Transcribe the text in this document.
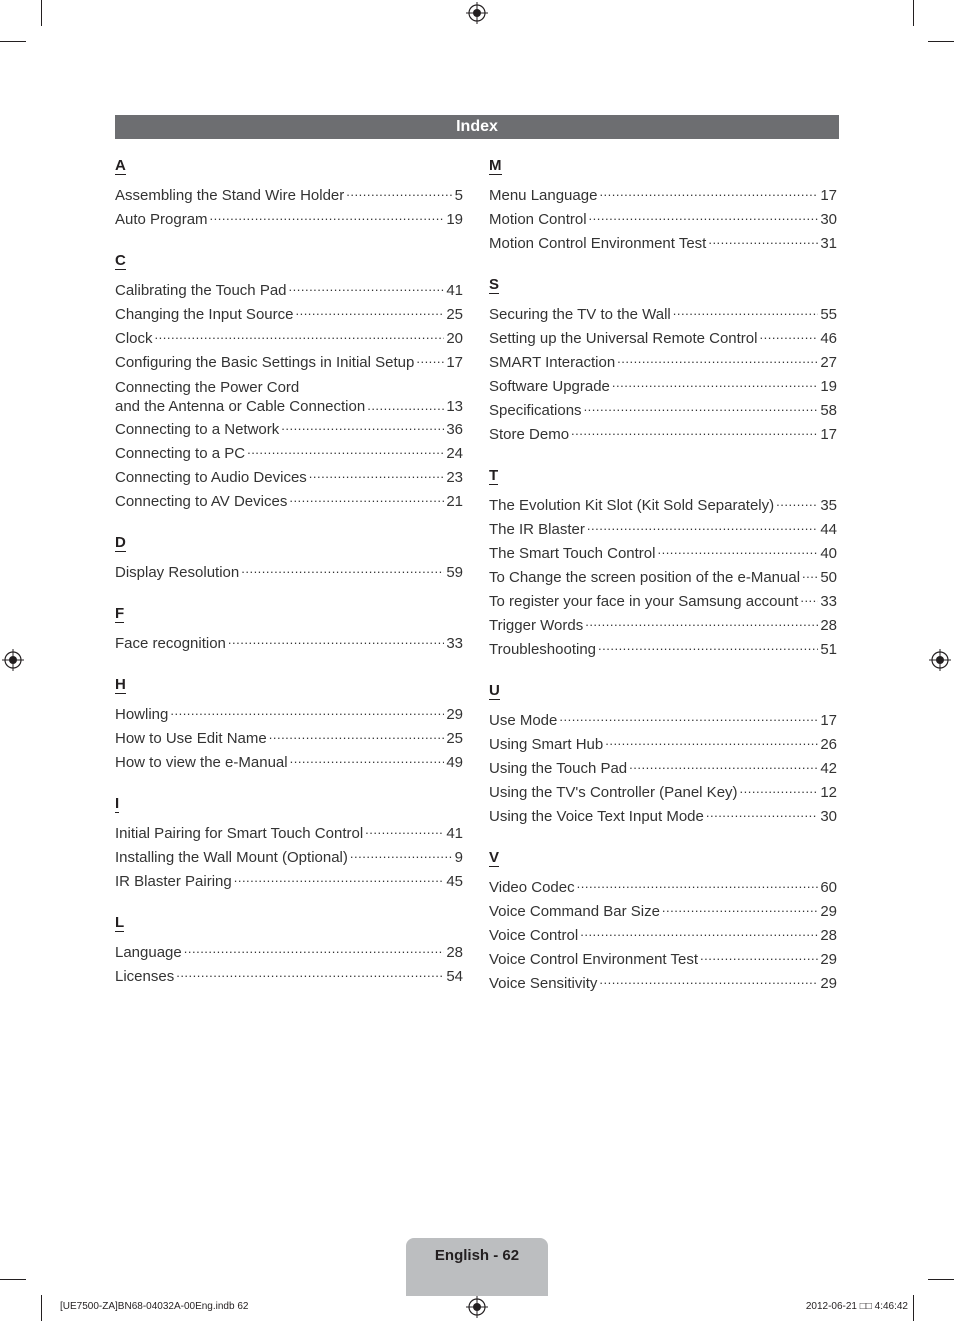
Index
A
Assembling the Stand Wire Holder .....	5
Auto Program .....	19
C
Calibrating the Touch Pad .....	41
Changing the Input Source .....	25
Clock .....	20
Configuring the Basic Settings in Initial Setup ..... 17
Connecting the Power Cord
and the Antenna or Cable Connection .....	13
Connecting to a Network .....	36
Connecting to a PC .....	24
Connecting to Audio Devices .....	23
Connecting to AV Devices .....	21
D
Display Resolution .....	59
F
Face recognition .....	33
H
Howling .....	29
How to Use Edit Name .....	25
How to view the e-Manual .....	49
I
Initial Pairing for Smart Touch Control .....	41
Installing the Wall Mount (Optional) .....	9
IR Blaster Pairing .....	45
L
Language .....	28
Licenses .....	54
M
Menu Language .....	17
Motion Control .....	30
Motion Control Environment Test .....	31
S
Securing the TV to the Wall .....	55
Setting up the Universal Remote Control .....	46
SMART Interaction .....	27
Software Upgrade .....	19
Specifications .....	58
Store Demo .....	17
T
The Evolution Kit Slot (Kit Sold Separately) .....	35
The IR Blaster .....	44
The Smart Touch Control .....	40
To Change the screen position of the e-Manual ..... 50
To register your face in your Samsung account ..... 33
Trigger Words .....	28
Troubleshooting .....	51
U
Use Mode .....	17
Using Smart Hub .....	26
Using the Touch Pad .....	42
Using the TV's Controller (Panel Key) .....	12
Using the Voice Text Input Mode .....	30
V
Video Codec .....	60
Voice Command Bar Size .....	29
Voice Control .....	28
Voice Control Environment Test .....	29
Voice Sensitivity .....	29
English - 62
[UE7500-ZA]BN68-04032A-00Eng.indb 62	2012-06-21 □□ 4:46:42
